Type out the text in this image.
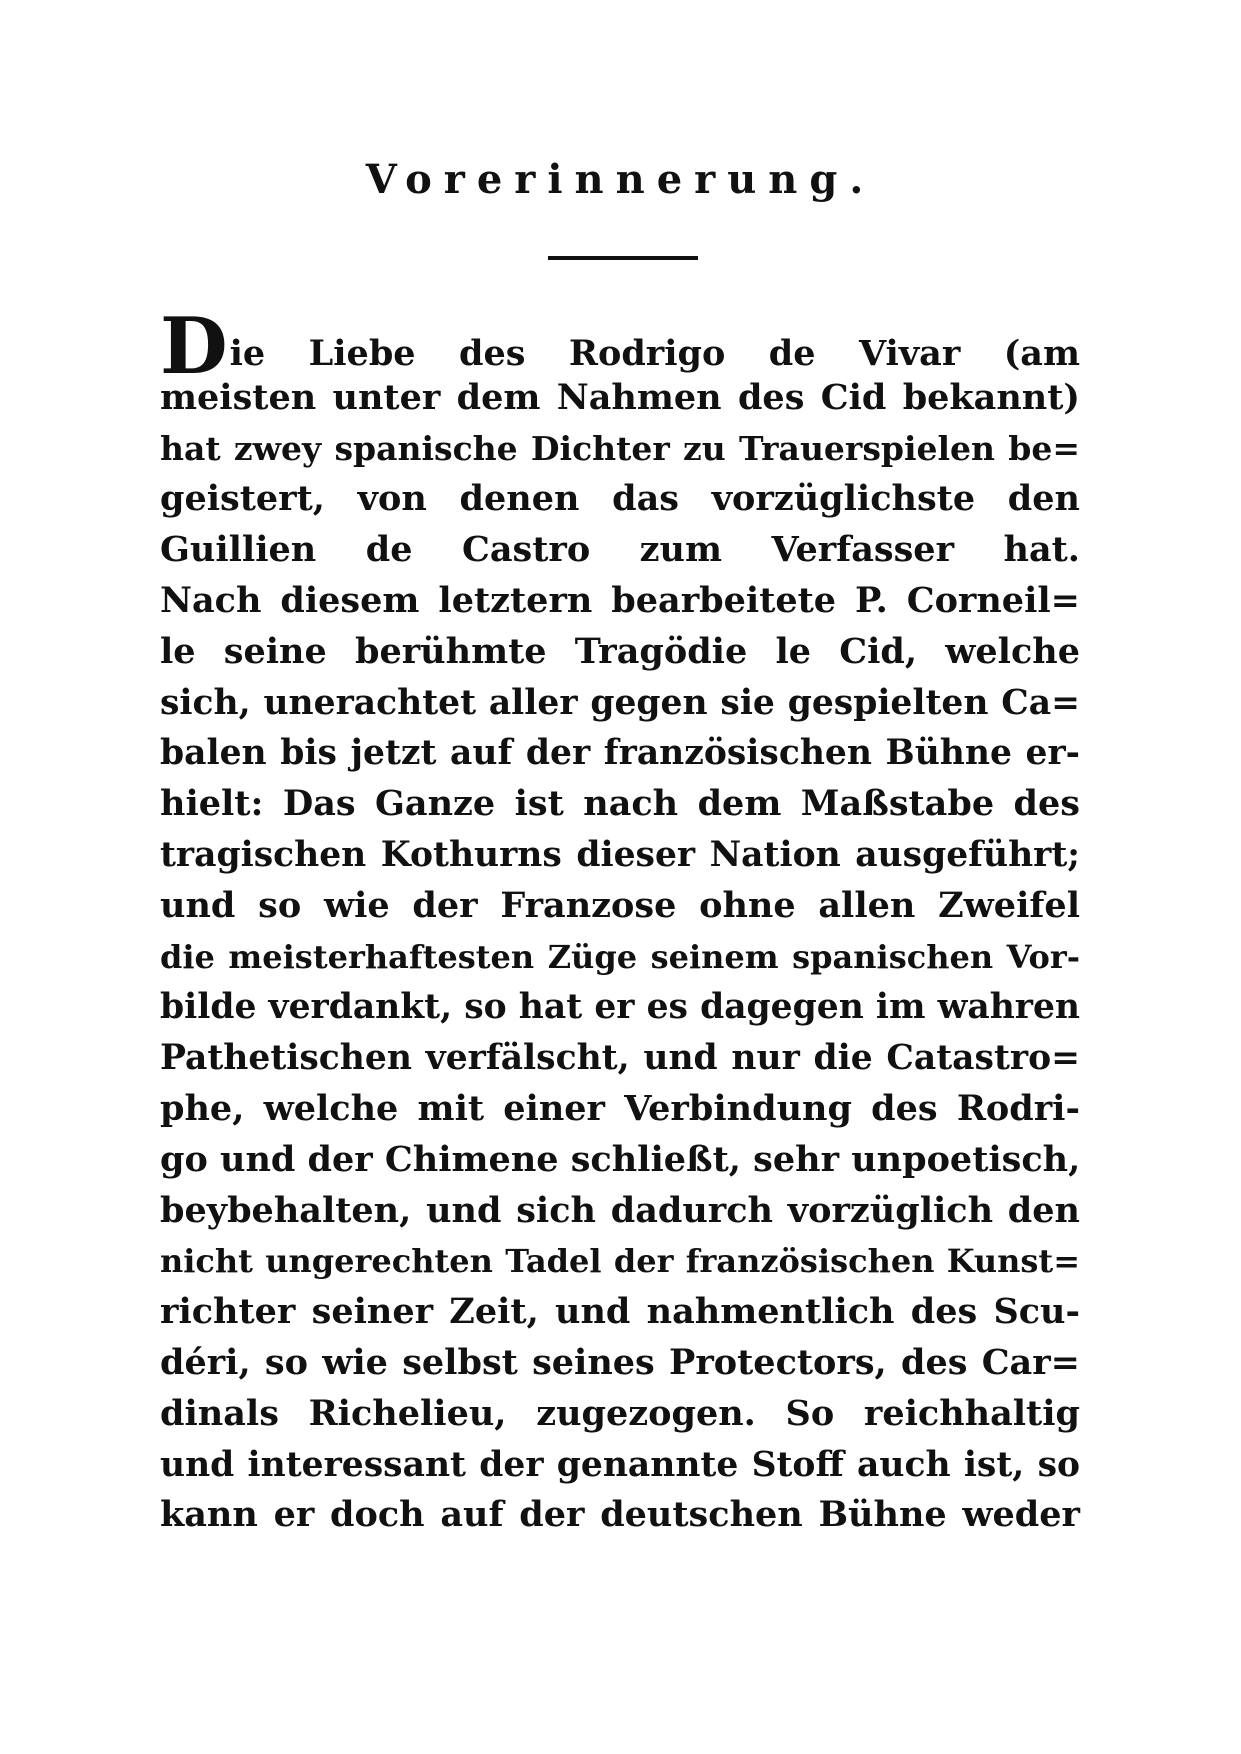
Vorerinnerung.
Die Liebe des Rodrigo de Vivar (am
meisten unter dem Nahmen des Cid bekannt)
hat zwey spanische Dichter zu Trauerspielen be=
geistert, von denen das vorzüglichste den
Guillien de Castro zum Verfasser hat.
Nach diesem letztern bearbeitete P. Corneil=
le seine berühmte Tragödie le Cid, welche
sich, unerachtet aller gegen sie gespielten Ca=
balen bis jetzt auf der französischen Bühne er-
hielt: Das Ganze ist nach dem Maßstabe des
tragischen Kothurns dieser Nation ausgeführt;
und so wie der Franzose ohne allen Zweifel
die meisterhaftesten Züge seinem spanischen Vor-
bilde verdankt, so hat er es dagegen im wahren
Pathetischen verfälscht, und nur die Catastro=
phe, welche mit einer Verbindung des Rodri-
go und der Chimene schließt, sehr unpoetisch,
beybehalten, und sich dadurch vorzüglich den
nicht ungerechten Tadel der französischen Kunst=
richter seiner Zeit, und nahmentlich des Scu-
déri, so wie selbst seines Protectors, des Car=
dinals Richelieu, zugezogen. So reichhaltig
und interessant der genannte Stoff auch ist, so
kann er doch auf der deutschen Bühne weder
